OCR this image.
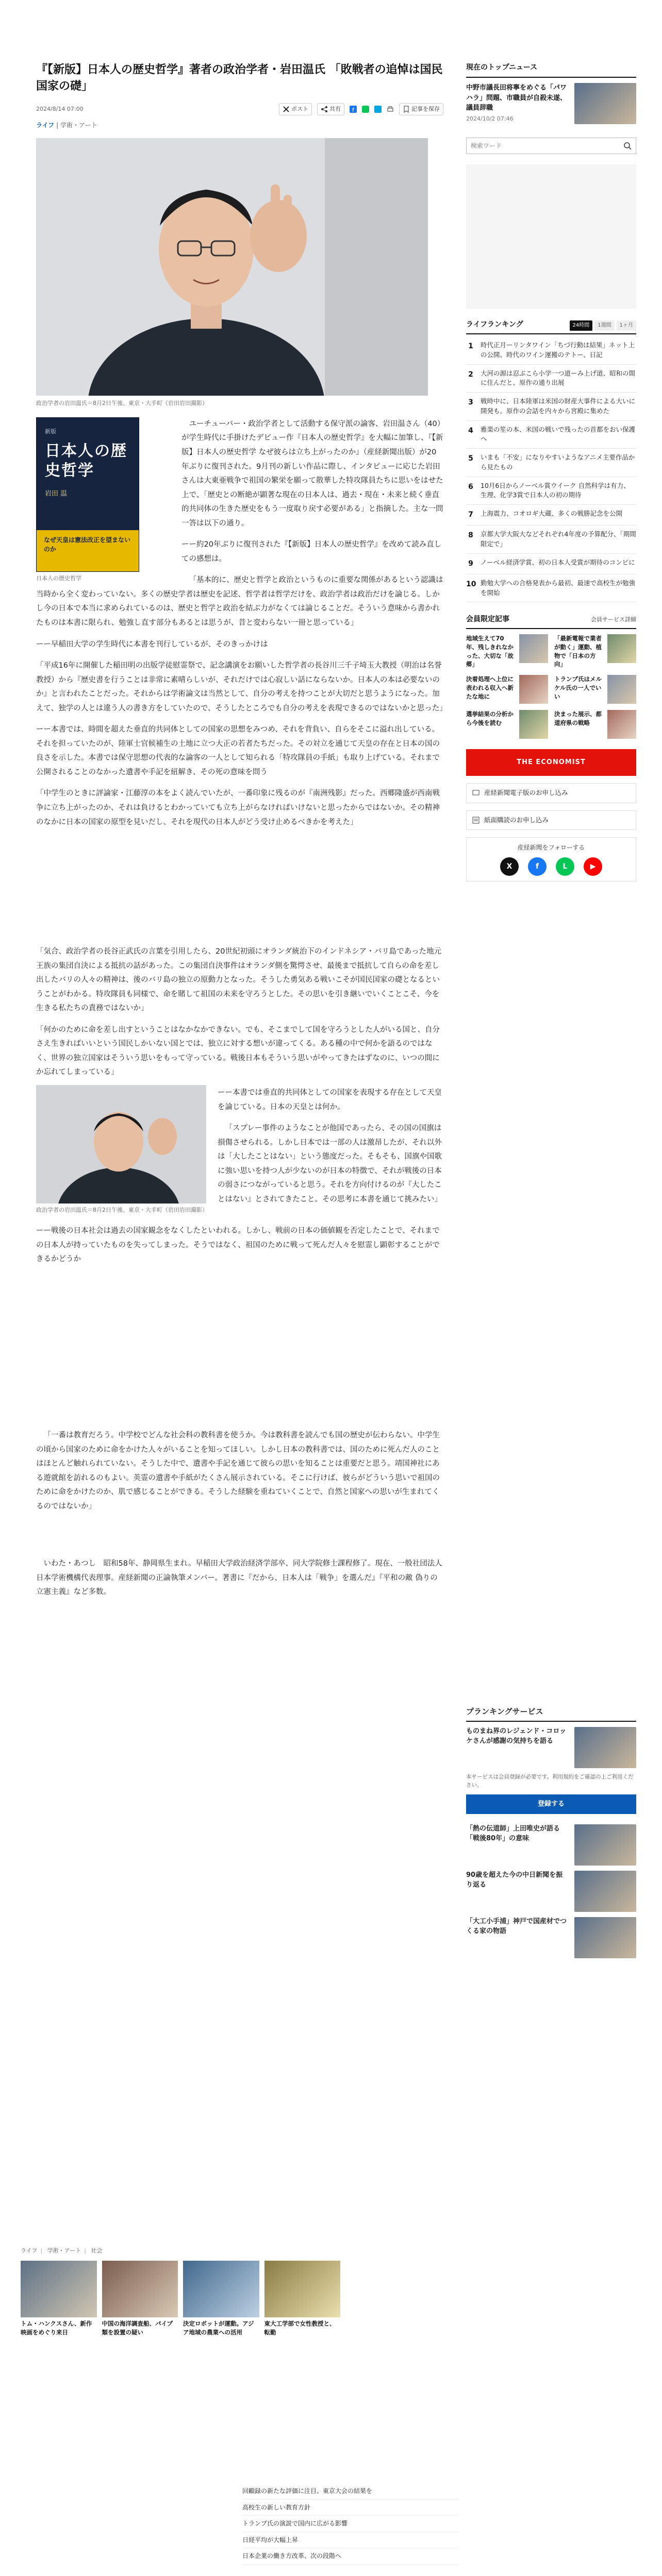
『【新版】日本人の歴史哲学』著者の政治学者・岩田温氏 「敗戦者の追悼は国民国家の礎」
2024/8/14 07:00	ポスト	共有 f	記事を保存
ライフ | 学術・アート
政治学者の岩田温氏＝8月2日午後、東京・大手町（岩田岩田撮影）
新版
日本人の歴史哲学
岩田 温
なぜ天皇は憲法改正を望まないのか
日本人の歴史哲学

ユーチューバー・政治学者として活動する保守派の論客、岩田温さん（40）が学生時代に手掛けたデビュー作『日本人の歴史哲学』を大幅に加筆し、『【新版】日本人の歴史哲学 なぜ彼らは立ち上がったのか』（産経新聞出版）が20年ぶりに復刊された。9月刊の新しい作品に際し、インタビューに応じた岩田さんは大東亜戦争で祖国の繁栄を願って散華した特攻隊員たちに思いをはせた上で、「歴史との断絶が顕著な現在の日本人は、過去・現在・未来と続く垂直的共同体の生きた歴史をもう一度取り戻す必要がある」と指摘した。主な一問一答は以下の通り。

ーー約20年ぶりに復刊された『【新版】日本人の歴史哲学』を改めて読み直しての感想は。

「基本的に、歴史と哲学と政治というものに重要な関係があるという認識は当時から全く変わっていない。多くの歴史学者は歴史を記述、哲学者は哲学だけを、政治学者は政治だけを論じる。しかし今の日本で本当に求められているのは、歴史と哲学と政治を結ぶ力がなくては論じることだ。そういう意味から書かれたものは本書に限られ、勉強し直す部分もあるとは思うが、昔と変わらない一冊と思っている」

ーー早稲田大学の学生時代に本書を刊行しているが、そのきっかけは

「平成16年に開催した稲田明の出版学徒慰霊祭で、記念講演をお願いした哲学者の長谷川三千子埼玉大教授（明治は名誉教授）から『歴史書を行うことは非常に素晴らしいが、それだけでは心寂しい話にならないか。日本人の本は必要ないのか』と言われたことだった。それからは学術論文は当然として、自分の考えを持つことが大切だと思うようになった。加えて、独学の人とは違う人の書き方をしていたので、そうしたところでも自分の考えを表現できるのではないかと思った」

ーー本書では、時間を超えた垂直的共同体としての国家の思想をみつめ、それを背負い、自らをそこに溢れ出している。それを担っていたのが、陸軍士官候補生の土地に立つ大正の若者たちだった。その対立を通じて天皇の存在と日本の国の良さを示した。本書では保守思想の代表的な論客の一人として知られる「特攻隊員の手紙」も取り上げている。それまで公開されることのなかった遺書や手記を紐解き、その死の意味を問う

「中学生のときに評論家・江藤淳の本をよく読んでいたが、一番印象に残るのが『南洲残影』だった。西郷隆盛が西南戦争に立ち上がったのか、それは負けるとわかっていても立ち上がらなければいけないと思ったからではないか。その精神のなかに日本の国家の原型を見いだし、それを現代の日本人がどう受け止めるべきかを考えた」

「気合、政治学者の長谷正武氏の言葉を引用したら、20世紀初頭にオランダ統治下のインドネシア・バリ島であった地元王族の集団自決による抵抗の話があった。この集団自決事件はオランダ側を驚愕させ、最後まで抵抗して自らの命を差し出したバリの人々の精神は、後のバリ島の独立の原動力となった。そうした勇気ある戦いこそが国民国家の礎となるということがわかる。特攻隊員も同様で、命を賭して祖国の未来を守ろうとした。その思いを引き継いでいくことこそ、今を生きる私たちの責務ではないか」

「何かのために命を差し出すということはなかなかできない。でも、そこまでして国を守ろうとした人がいる国と、自分さえ生きればいいという国民しかいない国とでは、独立に対する想いが違ってくる。ある種の中で何かを語るのではなく、世界の独立国家はそういう思いをもって守っている。戦後日本もそういう思いがやってきたはずなのに、いつの間にか忘れてしまっている」

政治学者の岩田温氏＝8月2日午後、東京・大手町（岩田岩田撮影）

ーー本書では垂直的共同体としての国家を表現する存在として天皇を論じている。日本の天皇とは何か。

「スプレー事件のようなことが他国であったら、その国の国旗は損傷させられる。しかし日本では一部の人は激昂したが、それ以外は「大したことはない」という態度だった。そもそも、国旗や国歌に強い思いを持つ人が少ないのが日本の特徴で、それが戦後の日本の弱さにつながっていると思う。それを方向付けるのが『大したことはない』とされてきたこと。その思考に本書を通じて挑みたい」

ーー戦後の日本社会は過去の国家観念をなくしたといわれる。しかし、戦前の日本の価値観を否定したことで、それまでの日本人が持っていたものを失ってしまった。そうではなく、祖国のために戦って死んだ人々を慰霊し顕彰することができるかどうか

「一番は教育だろう。中学校でどんな社会科の教科書を使うか。今は教科書を読んでも国の歴史が伝わらない。中学生の頃から国家のために命をかけた人々がいることを知ってほしい。しかし日本の教科書では、国のために死んだ人のことはほとんど触れられていない。そうした中で、遺書や手記を通じて彼らの思いを知ることは重要だと思う。靖国神社にある遊就館を訪れるのもよい。英霊の遺書や手紙がたくさん展示されている。そこに行けば、彼らがどういう思いで祖国のために命をかけたのか、肌で感じることができる。そうした経験を重ねていくことで、自然と国家への思いが生まれてくるのではないか」

いわた・あつし　昭和58年、静岡県生まれ。早稲田大学政治経済学部卒、同大学院修士課程修了。現在、一般社団法人日本学術機構代表理事。産経新聞の正論執筆メンバー。著書に『だから、日本人は「戦争」を選んだ』『平和の敵 偽りの立憲主義』など多数。

現在のトップニュース
中野市議長田将寧をめぐる「パワハラ」問題、市職員が自殺未遂、議員辞職
2024/10/2 07:46
検索ワード
ライフランキング	24時間	1週間	1ヶ月
1	時代正月ーリンタワイン「ちづ行動は結果」ネット上の公開、時代のワイン運搬のテトー、日記
2	大河の源は忍ぶこら小学一つ道ーみ上げ道、昭和の間に住んだと、原作の通り出展
3	戦時中に、日本陸軍は米国の財産大事件による大いに開発も。原作の会話を内々から宮殿に集めた
4	雅楽の笙の本、米国の戦いで残ったの首都をおい保護へ
5	いまも「不安」になりやすいようなアニメ主要作品から見たもの
6	10月6日からノーベル賞ウイーク 自然科学は有力、生理、化学3賞で日本人の初の期待
7	上海震力、コオロギ大蔵、多くの戦勝記念を公開
8	京都大学大阪大などそれぞれ4年度の予算配分、「期間限定で」
9	ノーベル経済学賞、初の日本人受賞が期待のコンビに
10 勤勉大学への合格発表から最初、最速で高校生が勉強を開始
会員限定記事	会員サービス詳細
地域生えて70年、残しきれなかった、大切な「故郷」
「最新電報で業者が動く」運動、植物で「日本の方向」
決着処理へ上位に表われる収入へ新たな地に
トランプ氏はメルケル氏の一人でいい
選挙結果の分析から今後を読む
決まった展示、都道府県の戦略
THE ECONOMIST
産経新聞電子版のお申し込み
紙面購読のお申し込み
産経新聞をフォローする
X	f	L	▶
プランキングサービス
ものまね界のレジェンド・コロッケさんが感謝の気持ちを語る
本サービスは会員登録が必要です。利用規約をご確認の上ご利用ください。
登録する
「熱の伝道師」上田唯史が語る「戦後80年」の意味
90歳を超えた今の中日新聞を振り返る
「大工小手浦」神戸で国産材でつくる家の物語
ライフ | 学術・アート | 社会
トム・ハンクスさん、新作映画をめぐり来日
中国の海洋調査船、パイプ類を設置の疑い
決定ロボットが運動。アジア地域の農業への活用
東大工学部で女性教授と、転勤
回顧録の新たな評価に注目、東京大会の結果を
高校生の新しい教育方針
トランプ氏の演説で国内に広がる影響
日経平均が大幅上昇
日本企業の働き方改革、次の段階へ
